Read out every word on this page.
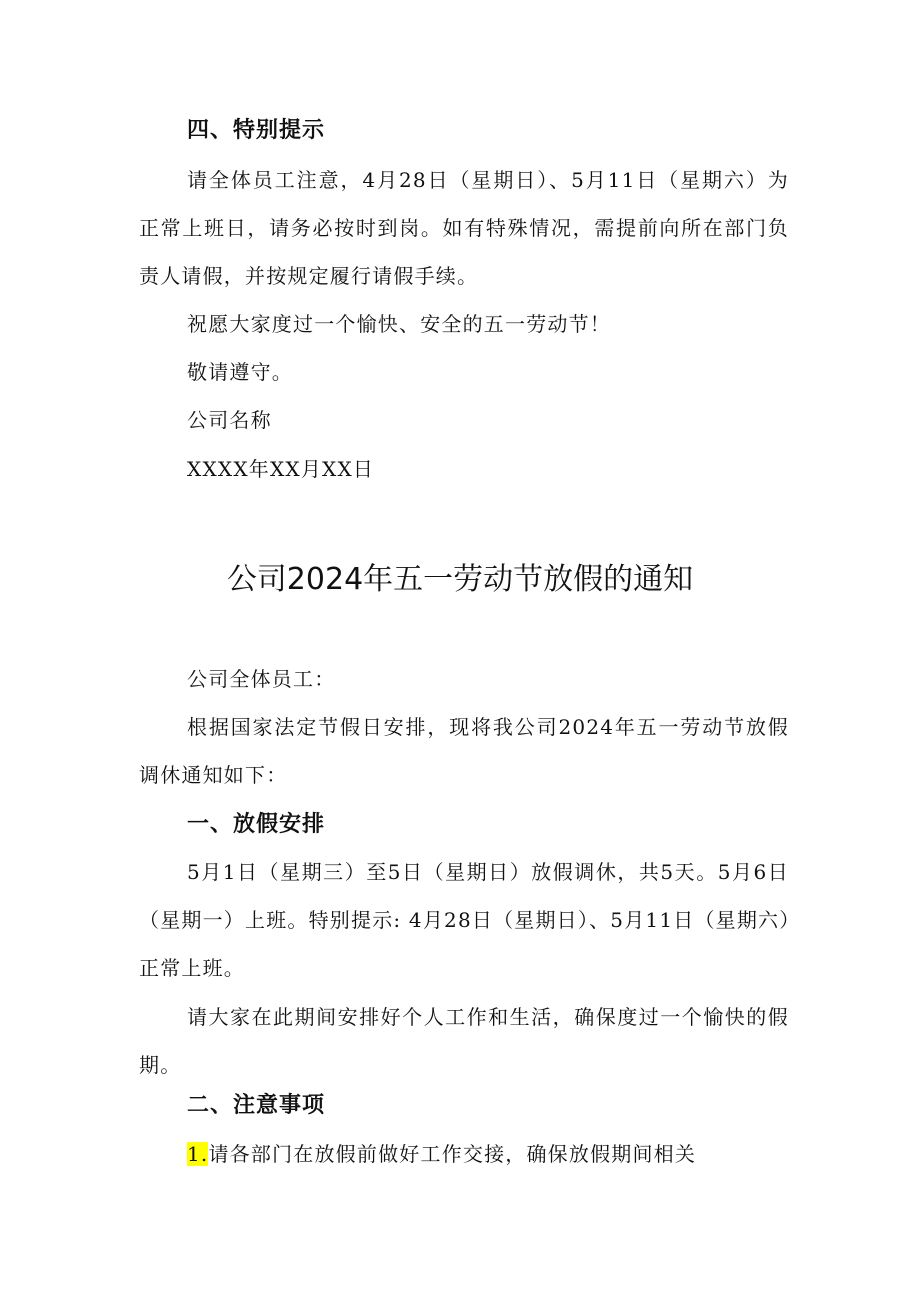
四、特别提示
请全体员工注意，4月28日（星期日）、5月11日（星期六）为
正常上班日，请务必按时到岗。如有特殊情况，需提前向所在部门负
责人请假，并按规定履行请假手续。
祝愿大家度过一个愉快、安全的五一劳动节！
敬请遵守。
公司名称
XXXX年XX月XX日
公司2024年五一劳动节放假的通知
公司全体员工：
根据国家法定节假日安排，现将我公司2024年五一劳动节放假
调休通知如下：
一、放假安排
5月1日（星期三）至5日（星期日）放假调休，共5天。5月6日
（星期一）上班。特别提示: 4月28日（星期日）、5月11日（星期六）
正常上班。
请大家在此期间安排好个人工作和生活，确保度过一个愉快的假
期。
二、注意事项
1.请各部门在放假前做好工作交接，确保放假期间相关
